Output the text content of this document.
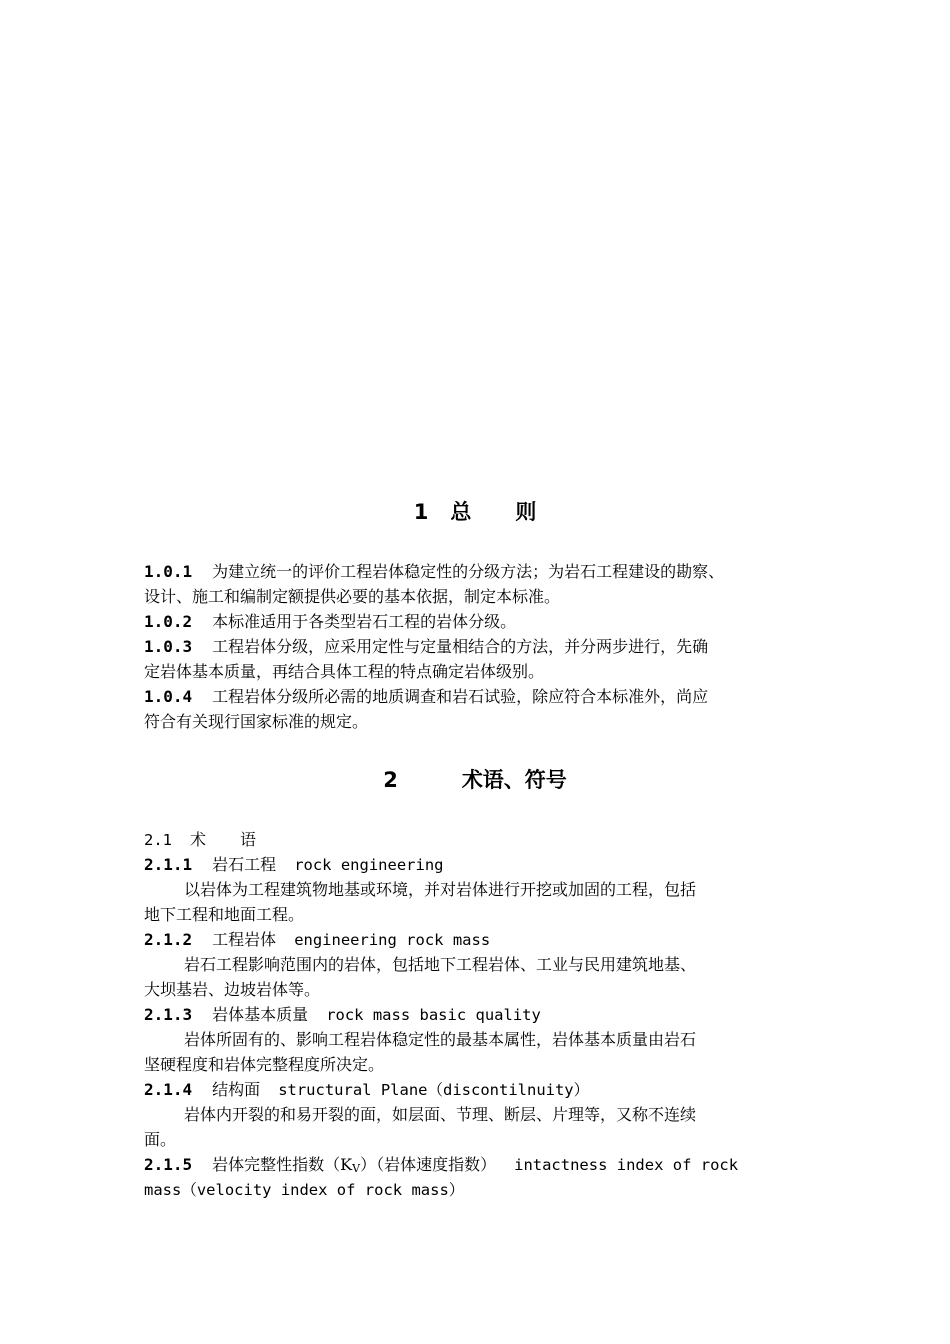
1 总 则
1.0.1 为建立统一的评价工程岩体稳定性的分级方法；为岩石工程建设的勘察、
设计、施工和编制定额提供必要的基本依据，制定本标准。
1.0.2 本标准适用于各类型岩石工程的岩体分级。
1.0.3 工程岩体分级，应采用定性与定量相结合的方法，并分两步进行，先确
定岩体基本质量，再结合具体工程的特点确定岩体级别。
1.0.4 工程岩体分级所必需的地质调查和岩石试验，除应符合本标准外，尚应
符合有关现行国家标准的规定。
2	术语、符号
2.1 术 语
2.1.1 岩石工程 rock engineering
以岩体为工程建筑物地基或环境，并对岩体进行开挖或加固的工程，包括
地下工程和地面工程。
2.1.2 工程岩体 engineering rock mass
岩石工程影响范围内的岩体，包括地下工程岩体、工业与民用建筑地基、
大坝基岩、边坡岩体等。
2.1.3 岩体基本质量 rock mass basic quality
岩体所固有的、影响工程岩体稳定性的最基本属性，岩体基本质量由岩石
坚硬程度和岩体完整程度所决定。
2.1.4 结构面 structural Plane（discontilnuity）
岩体内开裂的和易开裂的面，如层面、节理、断层、片理等，又称不连续
面。
2.1.5 岩体完整性指数（KV）（岩体速度指数） intactness index of rock
mass（velocity index of rock mass）
